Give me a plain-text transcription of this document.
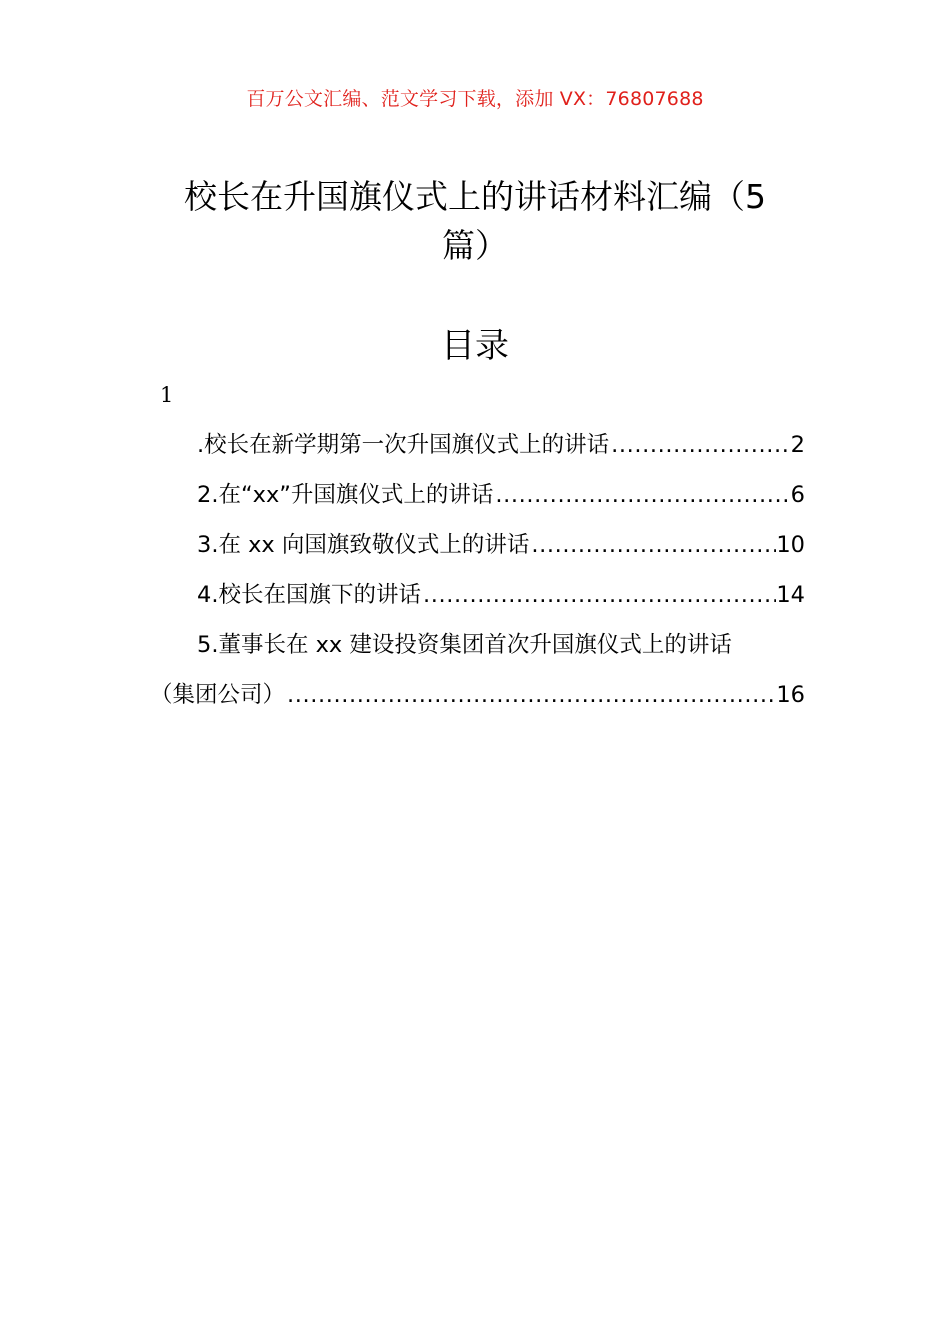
百万公文汇编、范文学习下载，添加 VX：76807688
校长在升国旗仪式上的讲话材料汇编（5
篇）
目录
1
.校长在新学期第一次升国旗仪式上的讲话 .....	2
2.在“xx”升国旗仪式上的讲话 .....	6
3.在 xx 向国旗致敬仪式上的讲话 .....	10
4.校长在国旗下的讲话 .....	14
5.董事长在 xx 建设投资集团首次升国旗仪式上的讲话
（集团公司） .....	16
